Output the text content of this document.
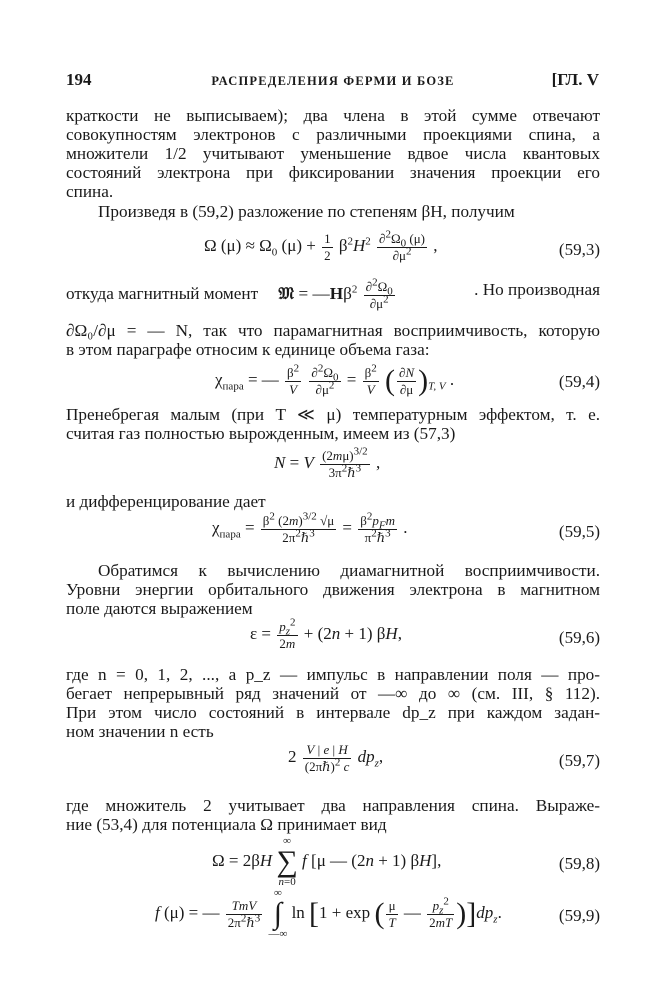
194	РАСПРЕДЕЛЕНИЯ ФЕРМИ И БОЗЕ	[ГЛ. V
краткости не выписываем); два члена в этой сумме отвечают
совокупностям электронов с различными проекциями спина, а
множители 1/2 учитывают уменьшение вдвое числа квантовых
состояний электрона при фиксировании значения проекции его
спина.
Произведя в (59,2) разложение по степеням βH, получим
Ω $(\mu) \approx \Omega_0$ $(\mu) + \frac{1}{2} \beta^2H^2 \frac{\partial^2\Omega_0 (\mu)}{\partial\mu^2}$ ,	(59,3)
откуда магнитный момент 𝔐 = $—H\beta^2 \frac{\partial^2\Omega_0}{\partial\mu^2}$	. Но производная
∂Ω₀/∂μ = — N, так что парамагнитная восприимчивость, которую
в этом параграфе относим к единице объема газа:
$\chi_{пара}$ = — $\frac{\beta^2}{V}$
$\frac{\partial^2\Omega_0}{\partial\mu^2} = \frac{\beta^2}{V}$ ( $\frac{\partial N}{\partial\mu} )_{T, V}$ .	(59,4)
Пренебрегая малым (при T ≪ μ) температурным эффектом, т. е.
считая газ полностью вырожденным, имеем из (57,3)
N = V $\frac{(2m\mu)^{3/2}}{3\pi^2\hbar^3}$ ,
и дифференцирование дает
$\chi_{пара} = \frac{\beta^2 (2m)^{3/2} √\mu}{2\pi^2\hbar^3} = \frac{\beta^2p_Fm}{\pi^2\hbar^3}$ .	(59,5)
Обратимся к вычислению диамагнитной восприимчивости.
Уровни энергии орбитального движения электрона в магнитном
поле даются выражением
$\varepsilon = \frac{p_z^2}{2m} + (2n + 1)$ βH,	(59,6)
где n = 0, 1, 2, ..., а p_z — импульс в направлении поля — про-
бегает непрерывный ряд значений от —∞ до ∞ (см. III, § 112).
При этом число состояний в интервале dp_z при каждом задан-
ном значении n есть
$2 \frac{V | e | H}{(2\pi\hbar)^2 c} dp_z$,	(59,7)
где множитель 2 учитывает два направления спина. Выраже-
ние (53,4) для потенциала Ω принимает вид
Ω = 2βH
∞
∑
n=0
f [μ — (2n + 1) βH],	(59,8)
f (μ) = — $\frac{\text{TmV}}{2\pi^2\hbar^3}$

∞
∫
—∞
ln [1 + exp ( $\frac{\mu}{T}$ — $\frac{p_z^2}{2mT} )]dp_z$.	(59,9)
